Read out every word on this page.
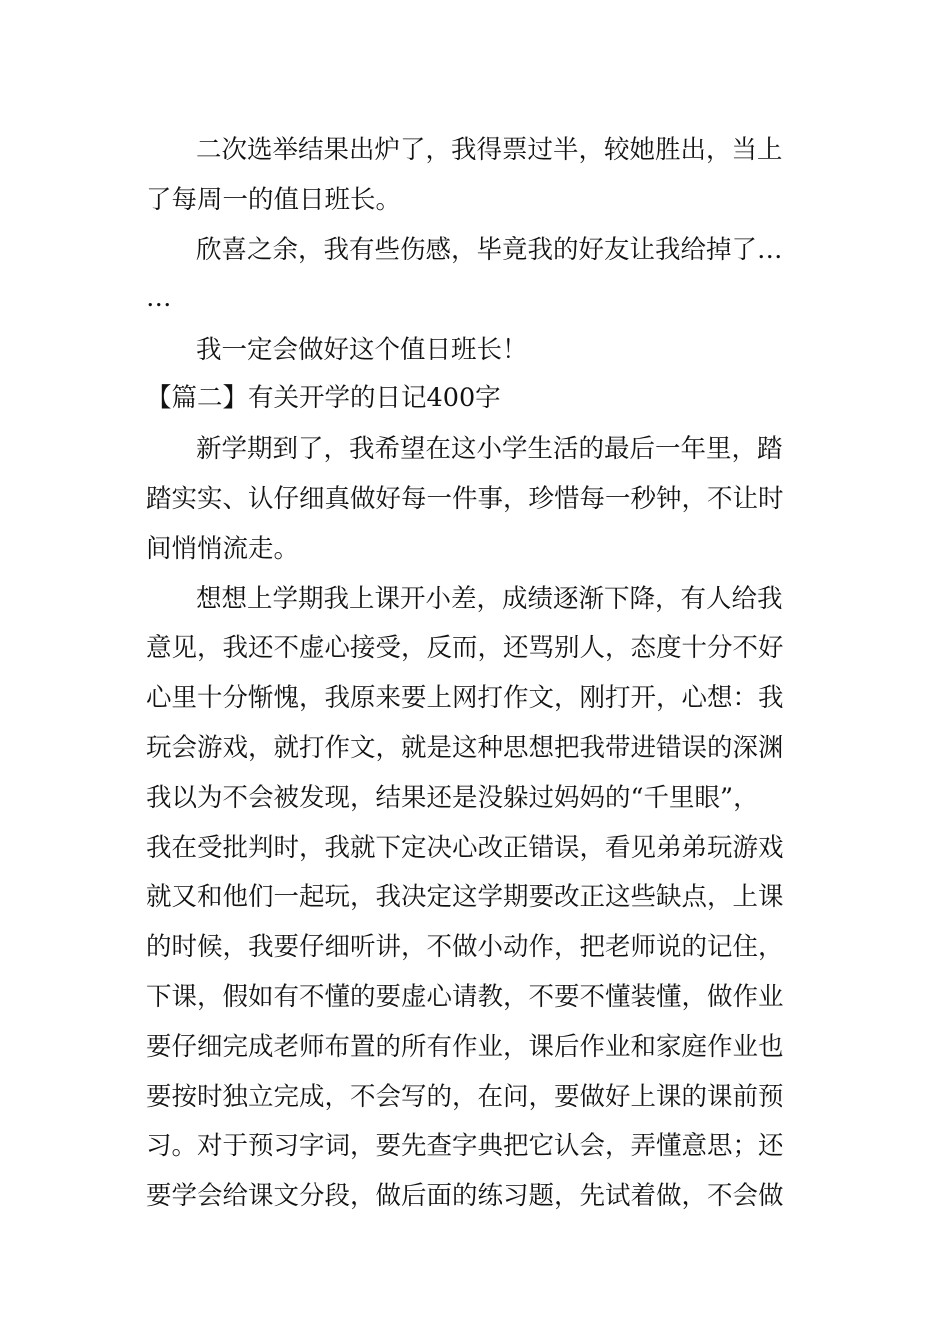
二次选举结果出炉了，我得票过半，较她胜出，当上
了每周一的值日班长。
欣喜之余，我有些伤感，毕竟我的好友让我给掉了…
…
我一定会做好这个值日班长！
【篇二】有关开学的日记400字
新学期到了，我希望在这小学生活的最后一年里，踏
踏实实、认仔细真做好每一件事，珍惜每一秒钟，不让时
间悄悄流走。
想想上学期我上课开小差，成绩逐渐下降，有人给我
意见，我还不虚心接受，反而，还骂别人，态度十分不好
心里十分惭愧，我原来要上网打作文，刚打开，心想：我
玩会游戏，就打作文，就是这种思想把我带进错误的深渊
我以为不会被发现，结果还是没躲过妈妈的“千里眼”，
我在受批判时，我就下定决心改正错误，看见弟弟玩游戏
就又和他们一起玩，我决定这学期要改正这些缺点，上课
的时候，我要仔细听讲，不做小动作，把老师说的记住，
下课，假如有不懂的要虚心请教，不要不懂装懂，做作业
要仔细完成老师布置的所有作业，课后作业和家庭作业也
要按时独立完成，不会写的，在问，要做好上课的课前预
习。对于预习字词，要先查字典把它认会，弄懂意思；还
要学会给课文分段，做后面的练习题，先试着做，不会做
